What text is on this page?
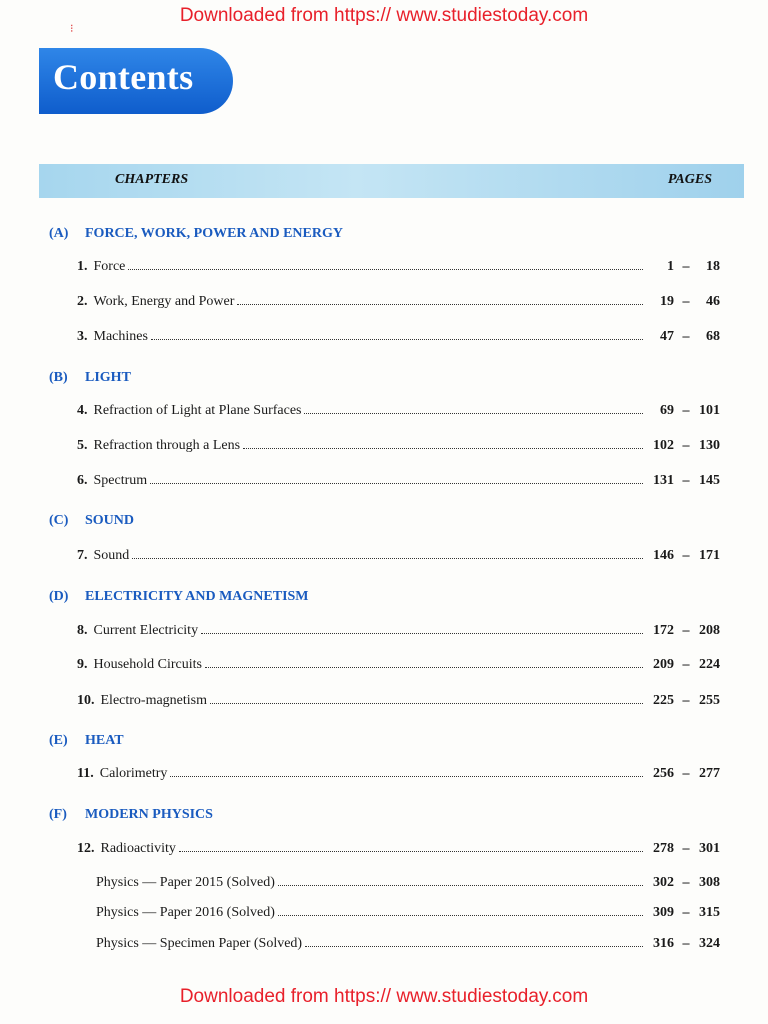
Downloaded from https:// www.studiestoday.com
⁝
Contents
CHAPTERS	PAGES
(A) FORCE, WORK, POWER AND ENERGY
1. Force	1 –	18
2. Work, Energy and Power	19 –	46
3. Machines	47 –	68
(B) LIGHT
4. Refraction of Light at Plane Surfaces	69 – 101
5. Refraction through a Lens	102 – 130
6. Spectrum	131 – 145
(C) SOUND
7. Sound	146 – 171
(D) ELECTRICITY AND MAGNETISM
8. Current Electricity	172 – 208
9. Household Circuits	209 – 224
10. Electro-magnetism	225 – 255
(E) HEAT
11. Calorimetry	256 – 277
(F) MODERN PHYSICS
12. Radioactivity	278 – 301
Physics — Paper 2015 (Solved)	302 – 308
Physics — Paper 2016 (Solved)	309 – 315
Physics — Specimen Paper (Solved)	316 – 324
Downloaded from https:// www.studiestoday.com
